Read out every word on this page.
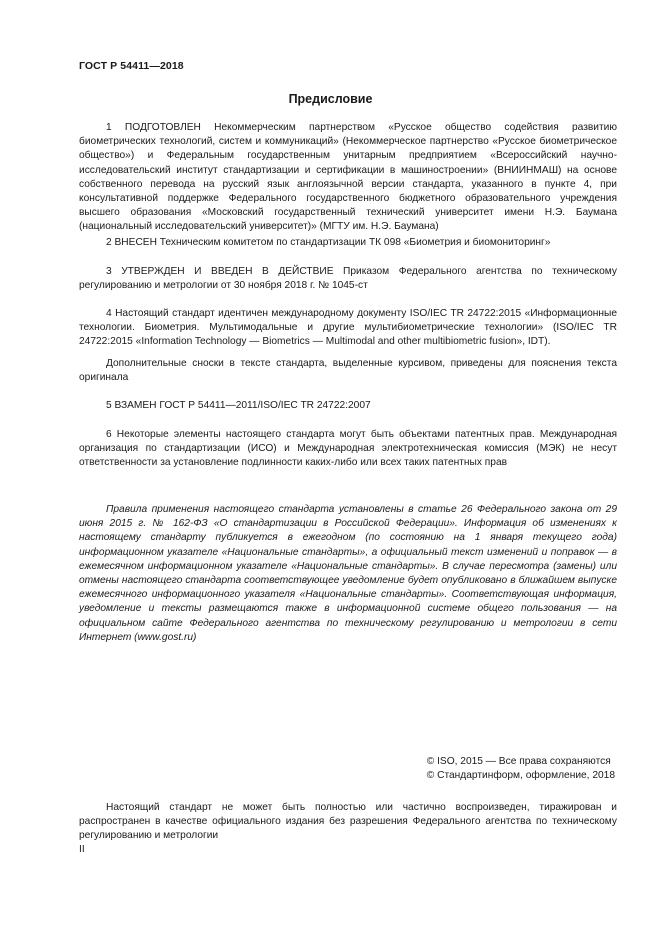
ГОСТ Р 54411—2018
Предисловие

1 ПОДГОТОВЛЕН Некоммерческим партнерством «Русское общество содействия развитию биометрических технологий, систем и коммуникаций» (Некоммерческое партнерство «Русское биометрическое общество») и Федеральным государственным унитарным предприятием «Всероссийский научно-исследовательский институт стандартизации и сертификации в машиностроении» (ВНИИНМАШ) на основе собственного перевода на русский язык англоязычной версии стандарта, указанного в пункте 4, при консультативной поддержке Федерального государственного бюджетного образовательного учреждения высшего образования «Московский государственный технический университет имени Н.Э. Баумана (национальный исследовательский университет)» (МГТУ им. Н.Э. Баумана)

2 ВНЕСЕН Техническим комитетом по стандартизации ТК 098 «Биометрия и биомониторинг»

3 УТВЕРЖДЕН И ВВЕДЕН В ДЕЙСТВИЕ Приказом Федерального агентства по техническому регулированию и метрологии от 30 ноября 2018 г. № 1045-ст

4 Настоящий стандарт идентичен международному документу ISO/IEC TR 24722:2015 «Информационные технологии. Биометрия. Мультимодальные и другие мультибиометрические технологии» (ISO/IEC TR 24722:2015 «Information Technology — Biometrics — Multimodal and other multibiometric fusion», IDT).

Дополнительные сноски в тексте стандарта, выделенные курсивом, приведены для пояснения текста оригинала

5 ВЗАМЕН ГОСТ Р 54411—2011/ISO/IEC TR 24722:2007

6 Некоторые элементы настоящего стандарта могут быть объектами патентных прав. Международная организация по стандартизации (ИСО) и Международная электротехническая комиссия (МЭК) не несут ответственности за установление подлинности каких-либо или всех таких патентных прав

Правила применения настоящего стандарта установлены в статье 26 Федерального закона от 29 июня 2015 г. № 162-ФЗ «О стандартизации в Российской Федерации». Информация об изменениях к настоящему стандарту публикуется в ежегодном (по состоянию на 1 января текущего года) информационном указателе «Национальные стандарты», а официальный текст изменений и поправок — в ежемесячном информационном указателе «Национальные стандарты». В случае пересмотра (замены) или отмены настоящего стандарта соответствующее уведомление будет опубликовано в ближайшем выпуске ежемесячного информационного указателя «Национальные стандарты». Соответствующая информация, уведомление и тексты размещаются также в информационной системе общего пользования — на официальном сайте Федерального агентства по техническому регулированию и метрологии в сети Интернет (www.gost.ru)

© ISO, 2015 — Все права сохраняются
© Стандартинформ, оформление, 2018

Настоящий стандарт не может быть полностью или частично воспроизведен, тиражирован и распространен в качестве официального издания без разрешения Федерального агентства по техническому регулированию и метрологии

II
